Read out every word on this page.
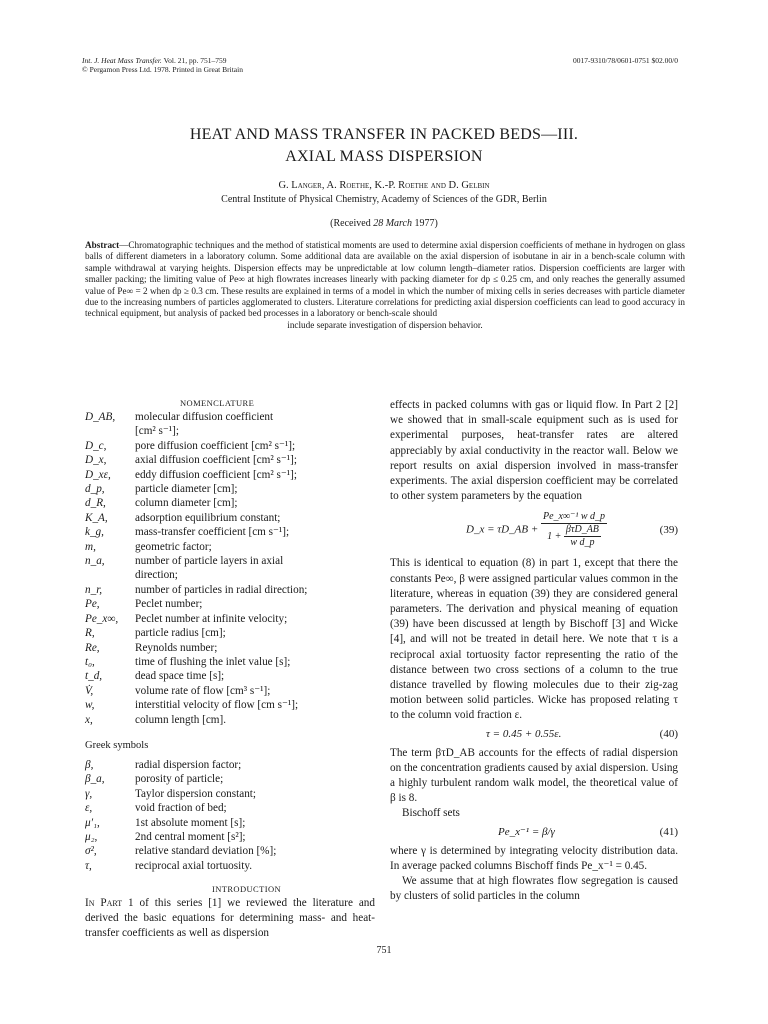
Int. J. Heat Mass Transfer. Vol. 21, pp. 751–759
© Pergamon Press Ltd. 1978. Printed in Great Britain
0017-9310/78/0601-0751 $02.00/0
HEAT AND MASS TRANSFER IN PACKED BEDS—III.
AXIAL MASS DISPERSION
G. Langer, A. Roethe, K.-P. Roethe and D. Gelbin
Central Institute of Physical Chemistry, Academy of Sciences of the GDR, Berlin
(Received 28 March 1977)
Abstract—Chromatographic techniques and the method of statistical moments are used to determine axial dispersion coefficients of methane in hydrogen on glass balls of different diameters in a laboratory column. Some additional data are available on the axial dispersion of isobutane in air in a bench-scale column with sample withdrawal at varying heights. Dispersion effects may be unpredictable at low column length–diameter ratios. Dispersion coefficients are larger with smaller packing; the limiting value of Pe∞ at high flowrates increases linearly with packing diameter for dp ≤ 0.25 cm, and only reaches the generally assumed value of Pe∞ = 2 when dp ≥ 0.3 cm. These results are explained in terms of a model in which the number of mixing cells in series decreases with particle diameter due to the increasing numbers of particles agglomerated to clusters. Literature correlations for predicting axial dispersion coefficients can lead to good accuracy in technical equipment, but analysis of packed bed processes in a laboratory or bench-scale should
include separate investigation of dispersion behavior.
NOMENCLATURE
D_AB,	molecular diffusion coefficient
[cm² s⁻¹];
D_c,	pore diffusion coefficient [cm² s⁻¹];
D_x,	axial diffusion coefficient [cm² s⁻¹];
D_xε,	eddy diffusion coefficient [cm² s⁻¹];
d_p,	particle diameter [cm];
d_R,	column diameter [cm];
K_A,	adsorption equilibrium constant;
k_g,	mass-transfer coefficient [cm s⁻¹];
m,	geometric factor;
n_a,	number of particle layers in axial
direction;
n_r,	number of particles in radial direction;
Pe,	Peclet number;
Pe_x∞,	Peclet number at infinite velocity;
R,	particle radius [cm];
Re,	Reynolds number;
t₀,	time of flushing the inlet value [s];
t_d,	dead space time [s];
V̇,	volume rate of flow [cm³ s⁻¹];
w,	interstitial velocity of flow [cm s⁻¹];
x,	column length [cm].
Greek symbols
β,	radial dispersion factor;
β_a,	porosity of particle;
γ,	Taylor dispersion constant;
ε,	void fraction of bed;
μ′₁,	1st absolute moment [s];
μ₂,	2nd central moment [s²];
σ²,	relative standard deviation [%];
τ,	reciprocal axial tortuosity.
INTRODUCTION
In Part 1 of this series [1] we reviewed the literature and derived the basic equations for determining mass- and heat-transfer coefficients as well as dispersion

effects in packed columns with gas or liquid flow. In Part 2 [2] we showed that in small-scale equipment such as is used for experimental purposes, heat-transfer rates are altered appreciably by axial conductivity in the reactor wall. Below we report results on axial dispersion involved in mass-transfer experiments. The axial dispersion coefficient may be correlated to other system parameters by the equation

D_x = τD_AB + $\frac{\text{Pe\_x∞⁻¹ w d\_p}}{1 + \frac{\text{βτD\_AB}}{\text{w d\_p}}}$	(39)

This is identical to equation (8) in part 1, except that there the constants Pe∞, β were assigned particular values common in the literature, whereas in equation (39) they are considered general parameters. The derivation and physical meaning of equation (39) have been discussed at length by Bischoff [3] and Wicke [4], and will not be treated in detail here. We note that τ is a reciprocal axial tortuosity factor representing the ratio of the distance between two cross sections of a column to the true distance travelled by flowing molecules due to their zig-zag motion between solid particles. Wicke has proposed relating τ to the column void fraction ε.

τ = 0.45 + 0.55ε.	(40)

The term βτD_AB accounts for the effects of radial dispersion on the concentration gradients caused by axial dispersion. Using a highly turbulent random walk model, the theoretical value of β is 8.

Bischoff sets

Pe_x⁻¹ = β/γ	(41)

where γ is determined by integrating velocity distribution data. In average packed columns Bischoff finds Pe_x⁻¹ = 0.45.

We assume that at high flowrates flow segregation is caused by clusters of solid particles in the column

751
